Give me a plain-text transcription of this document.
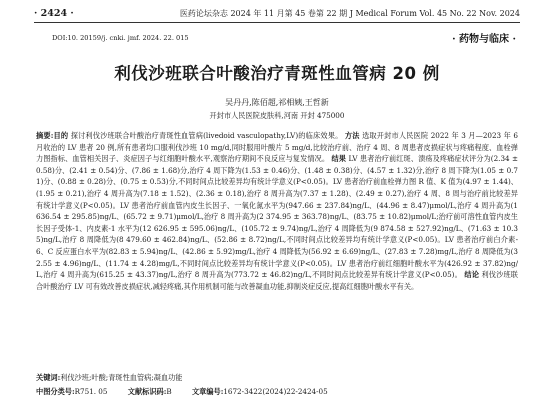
· 2424 ·	医药论坛杂志 2024 年 11 月第 45 卷第 22 期 J Medical Forum Vol. 45 No. 22 Nov. 2024
DOI:10. 20159/j. cnki. jmf. 2024. 22. 015	· 药物与临床 ·
利伐沙班联合叶酸治疗青斑性血管病 20 例
吴丹丹,陈佰超,祁相姨,王哲新
开封市人民医院皮肤科,河南 开封 475000
摘要:目的 探讨利伐沙班联合叶酸治疗青斑性血管病(livedoid vasculopathy,LV)的临床效果。 方法 选取开封市人民医院 2022 年 3 月—2023 年 6 月收治的 LV 患者 20 例,所有患者均口服利伐沙班 10 mg/d,同时服用叶酸片 5 mg/d,比较治疗前、治疗 4 周、8 周患者皮损症状与疼痛程度、血栓弹力图指标、血管相关因子、炎症因子与红细胞叶酸水平,观察治疗期间不良反应与复发情况。 结果 LV 患者治疗前红斑、溃疡及疼痛症状评分为(2.34 ± 0.58)分、(2.41 ± 0.54)分、(7.86 ± 1.68)分,治疗 4 周下降为(1.53 ± 0.46)分、(1.48 ± 0.38)分、(4.57 ± 1.32)分,治疗 8 周下降为(1.05 ± 0.71)分、(0.88 ± 0.28)分、(0.75 ± 0.53)分,不同时间点比较差异均有统计学意义(P<0.05)。LV 患者治疗前血栓弹力图 R 值、K 值为(4.97 ± 1.44)、(1.95 ± 0.21),治疗 4 周升高为(7.18 ± 1.52)、(2.36 ± 0.18),治疗 8 周升高为(7.37 ± 1.28)、(2.49 ± 0.27),治疗 4 周、8 周与治疗前比较差异有统计学意义(P<0.05)。LV 患者治疗前血管内皮生长因子、一氧化氮水平为(947.66 ± 237.84)ng/L、(44.96 ± 8.47)μmol/L,治疗 4 周升高为(1 636.54 ± 295.85)ng/L、(65.72 ± 9.71)μmol/L,治疗 8 周升高为(2 374.95 ± 363.78)ng/L、(83.75 ± 10.82)μmol/L;治疗前可溶性血管内皮生长因子受体-1、内皮素-1 水平为(12 626.95 ± 595.06)ng/L、(105.72 ± 9.74)ng/L,治疗 4 周降低为(9 874.58 ± 527.92)ng/L、(71.63 ± 10.35)ng/L,治疗 8 周降低为(8 479.60 ± 462.84)ng/L、(52.86 ± 8.72)ng/L,不同时间点比较差异均有统计学意义(P<0.05)。LV 患者治疗前白介素-6、C 反应蛋白水平为(82.83 ± 5.94)ng/L、(42.86 ± 5.92)mg/L,治疗 4 周降低为(56.92 ± 6.69)ng/L、(27.83 ± 7.28)mg/L,治疗 8 周降低为(32.55 ± 4.96)ng/L、(11.74 ± 4.28)mg/L,不同时间点比较差异均有统计学意义(P<0.05)。LV 患者治疗前红细胞叶酸水平为(426.92 ± 37.82)ng/L,治疗 4 周升高为(615.25 ± 43.37)ng/L,治疗 8 周升高为(773.72 ± 46.82)ng/L,不同时间点比较差异有统计学意义(P<0.05)。 结论 利伐沙班联合叶酸治疗 LV 可有效改善皮损症状,减轻疼痛,其作用机制可能与改善凝血功能,抑制炎症反应,提高红细胞叶酸水平有关。
关键词:利伐沙班;叶酸;青斑性血管病;凝血功能
中图分类号:R751. 05	文献标识码:B	文章编号:1672-3422(2024)22-2424-05
